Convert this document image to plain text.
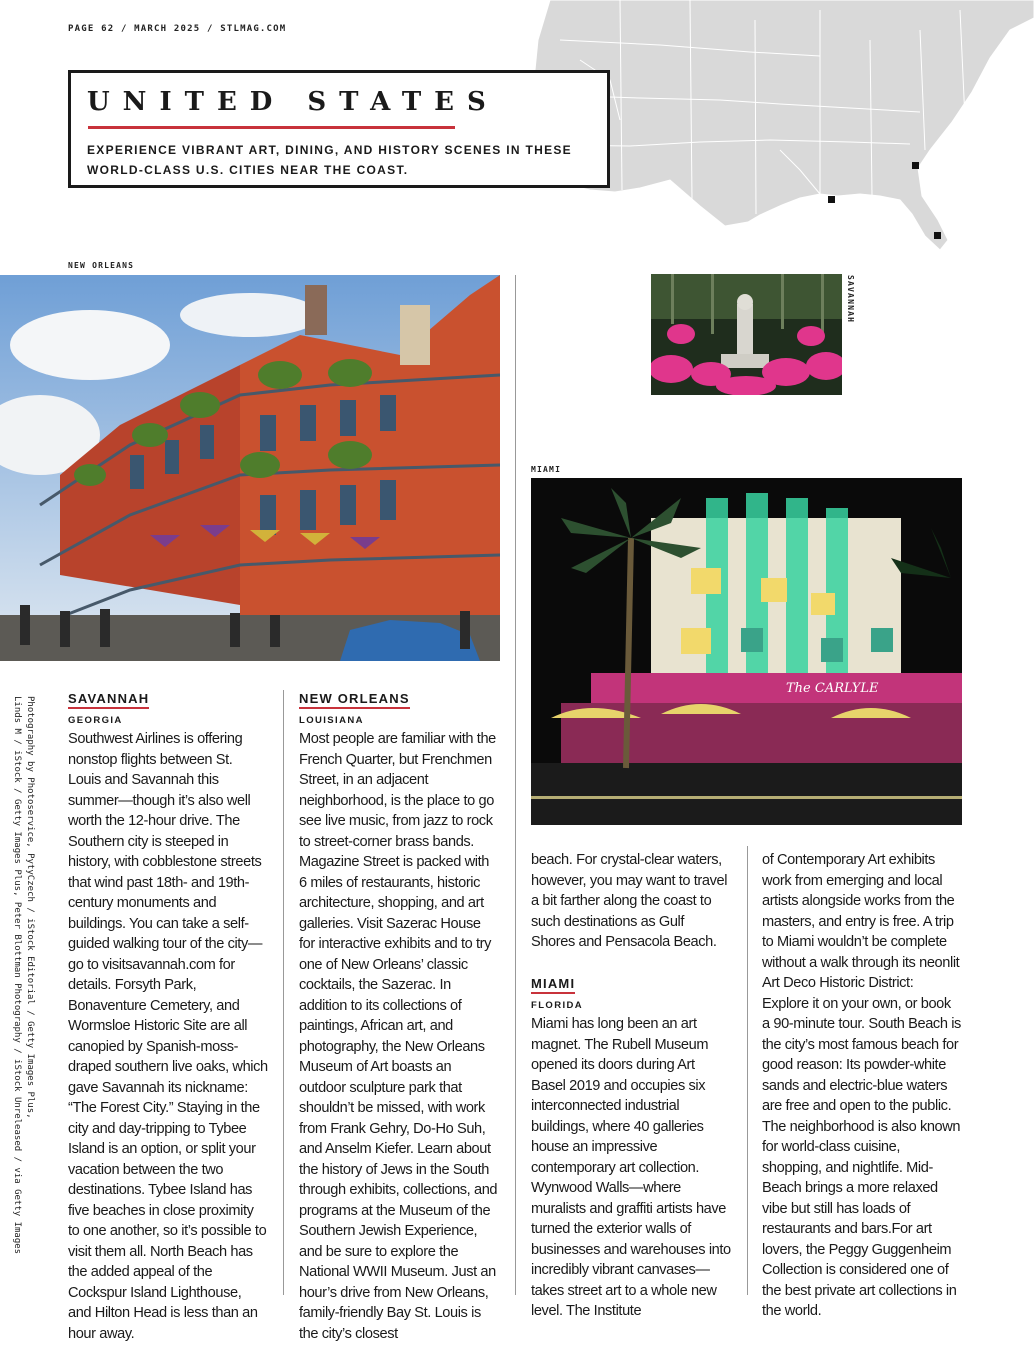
PAGE 62 / MARCH 2025 / STLMAG.COM
UNITED STATES

EXPERIENCE VIBRANT ART, DINING, AND HISTORY SCENES IN THESE WORLD-CLASS U.S. CITIES NEAR THE COAST.

NEW ORLEANS
SAVANNAH
MIAMI
The CARLYLE
Photography by Photoservice, PytyCzech / iStock Editorial / Getty Images Plus,
Linds M / iStock / Getty Images Plus, Peter Blottman Photography / iStock Unreleased / via Getty Images	SAVANNAH
GEORGIA

Southwest Airlines is offering nonstop flights between St. Louis and Savannah this summer—though it’s also well worth the 12-hour drive. The Southern city is steeped in history, with cobblestone streets that wind past 18th- and 19th-century monuments and buildings. You can take a self-guided walking tour of the city—go to visitsavannah.com for details. Forsyth Park, Bonaventure Cemetery, and Wormsloe Historic Site are all canopied by Spanish-moss-draped southern live oaks, which gave Savannah its nickname: “The Forest City.” Staying in the city and day-tripping to Tybee Island is an option, or split your vacation between the two destinations. Tybee Island has five beaches in close proximity to one another, so it’s possible to visit them all. North Beach has the added appeal of the Cockspur Island Lighthouse, and Hilton Head is less than an hour away.

NEW ORLEANS
LOUISIANA

Most people are familiar with the French Quarter, but Frenchmen Street, in an adjacent neighborhood, is the place to go see live music, from jazz to rock to street-corner brass bands. Magazine Street is packed with 6 miles of restaurants, historic architecture, shopping, and art galleries. Visit Sazerac House for interactive exhibits and to try one of New Orleans’ classic cocktails, the Sazerac. In addition to its collections of paintings, African art, and photography, the New Orleans Museum of Art boasts an outdoor sculpture park that shouldn’t be missed, with work from Frank Gehry, Do-Ho Suh, and Anselm Kiefer. Learn about the history of Jews in the South through exhibits, collections, and programs at the Museum of the Southern Jewish Experience, and be sure to explore the National WWII Museum. Just an hour’s drive from New Orleans, family-friendly Bay St. Louis is the city’s closest

beach. For crystal-clear waters, however, you may want to travel a bit farther along the coast to such destinations as Gulf Shores and Pensacola Beach.

MIAMI
FLORIDA

Miami has long been an art magnet. The Rubell Museum opened its doors during Art Basel 2019 and occupies six interconnected industrial buildings, where 40 galleries house an impressive contemporary art collection. Wynwood Walls—where muralists and graffiti artists have turned the exterior walls of businesses and warehouses into incredibly vibrant canvases—takes street art to a whole new level. The Institute

of Contemporary Art exhibits work from emerging and local artists alongside works from the masters, and entry is free. A trip to Miami wouldn’t be complete without a walk through its neonlit Art Deco Historic District: Explore it on your own, or book a 90-minute tour. South Beach is the city’s most famous beach for good reason: Its powder-white sands and electric-blue waters are free and open to the public. The neighborhood is also known for world-class cuisine, shopping, and nightlife. Mid-Beach brings a more relaxed vibe but still has loads of restaurants and bars.For art lovers, the Peggy Guggenheim Collection is considered one of the best private art collections in the world.
